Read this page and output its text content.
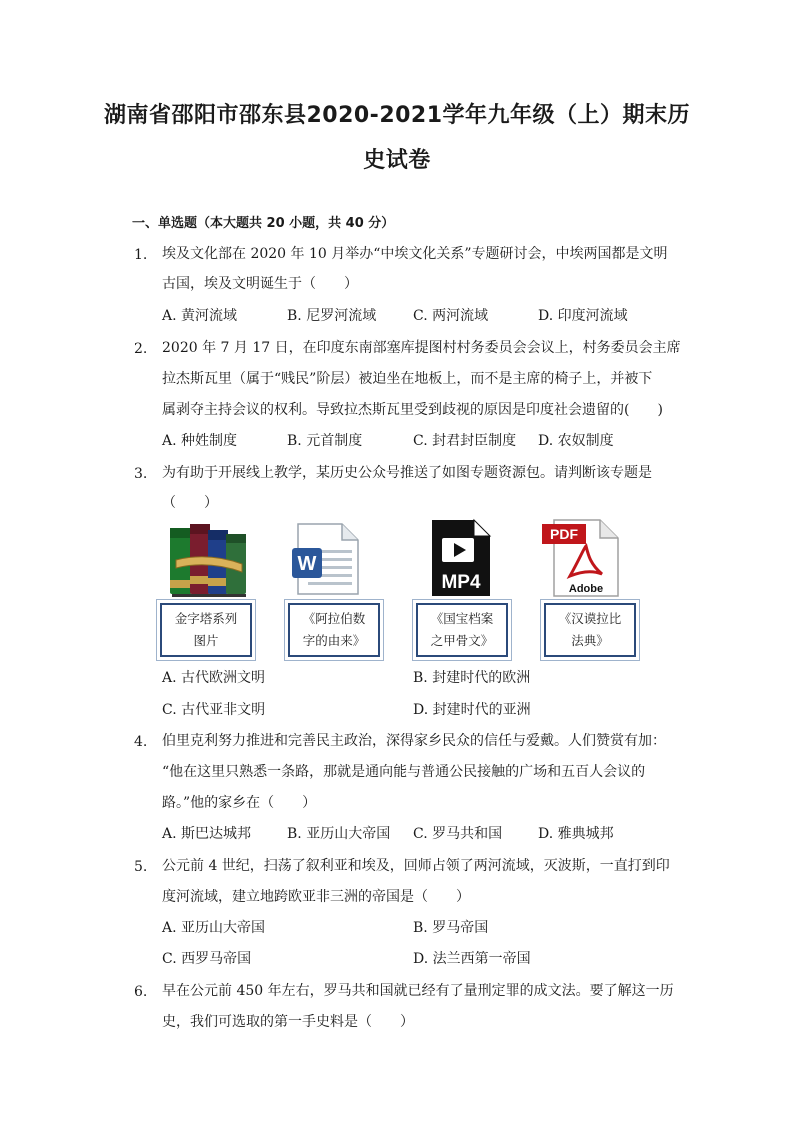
湖南省邵阳市邵东县2020-2021学年九年级（上）期末历
史试卷
一、单选题（本大题共 20 小题，共 40 分）
1. 埃及文化部在 2020 年 10 月举办“中埃文化关系”专题研讨会，中埃两国都是文明
古国，埃及文明诞生于（　　）
A. 黄河流域	B. 尼罗河流域	C. 两河流域	D. 印度河流域
2. 2020 年 7 月 17 日，在印度东南部塞库提图村村务委员会会议上，村务委员会主席
拉杰斯瓦里（属于“贱民”阶层）被迫坐在地板上，而不是主席的椅子上，并被下
属剥夺主持会议的权利。导致拉杰斯瓦里受到歧视的原因是印度社会遗留的(　　)
A. 种姓制度	B. 元首制度	C. 封君封臣制度 D. 农奴制度
3. 为有助于开展线上教学，某历史公众号推送了如图专题资源包。请判断该专题是
（　　）
W
MP4
PDF
Adobe
金字塔系列
图片
《阿拉伯数
字的由来》
《国宝档案
之甲骨文》
《汉谟拉比
法典》
A. 古代欧洲文明	B. 封建时代的欧洲
C. 古代亚非文明	D. 封建时代的亚洲
4. 伯里克利努力推进和完善民主政治，深得家乡民众的信任与爱戴。人们赞赏有加：
“他在这里只熟悉一条路，那就是通向能与普通公民接触的广场和五百人会议的
路。”他的家乡在（　　）
A. 斯巴达城邦	B. 亚历山大帝国 C. 罗马共和国	D. 雅典城邦
5. 公元前 4 世纪，扫荡了叙利亚和埃及，回师占领了两河流域，灭波斯，一直打到印
度河流域，建立地跨欧亚非三洲的帝国是（　　）
A. 亚历山大帝国	B. 罗马帝国
C. 西罗马帝国	D. 法兰西第一帝国
6. 早在公元前 450 年左右，罗马共和国就已经有了量刑定罪的成文法。要了解这一历
史，我们可选取的第一手史料是（　　）
